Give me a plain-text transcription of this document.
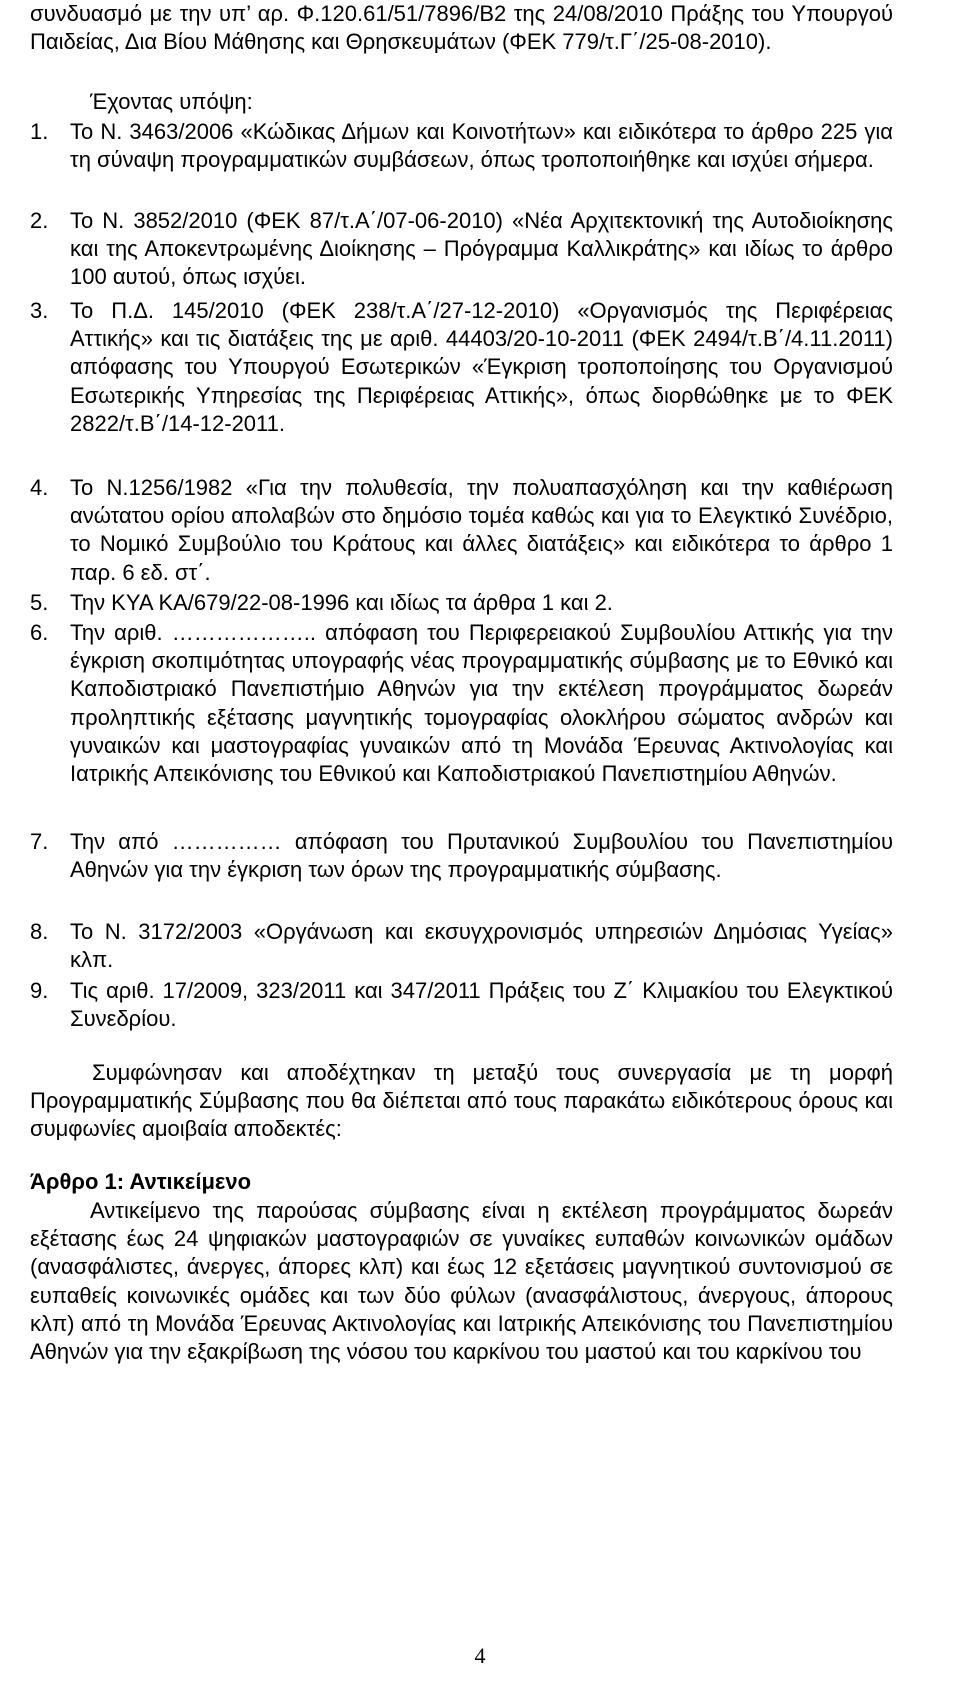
συνδυασμό με την υπ’ αρ. Φ.120.61/51/7896/Β2 της 24/08/2010 Πράξης του Υπουργού Παιδείας, Δια Βίου Μάθησης και Θρησκευμάτων (ΦΕΚ 779/τ.Γ΄/25-08-2010).

Έχοντας υπόψη:
1. Το Ν. 3463/2006 «Κώδικας Δήμων και Κοινοτήτων» και ειδικότερα το άρθρο 225 για τη σύναψη προγραμματικών συμβάσεων, όπως τροποποιήθηκε και ισχύει σήμερα.
2. Το Ν. 3852/2010 (ΦΕΚ 87/τ.Α΄/07-06-2010) «Νέα Αρχιτεκτονική της Αυτοδιοίκησης και της Αποκεντρωμένης Διοίκησης – Πρόγραμμα Καλλικράτης» και ιδίως το άρθρο 100 αυτού, όπως ισχύει.
3. Το Π.Δ. 145/2010 (ΦΕΚ 238/τ.Α΄/27-12-2010) «Οργανισμός της Περιφέρειας Αττικής» και τις διατάξεις της με αριθ. 44403/20-10-2011 (ΦΕΚ 2494/τ.Β΄/4.11.2011) απόφασης του Υπουργού Εσωτερικών «Έγκριση τροποποίησης του Οργανισμού Εσωτερικής Υπηρεσίας της Περιφέρειας Αττικής», όπως διορθώθηκε με το ΦΕΚ 2822/τ.Β΄/14-12-2011.
4. Το Ν.1256/1982 «Για την πολυθεσία, την πολυαπασχόληση και την καθιέρωση ανώτατου ορίου απολαβών στο δημόσιο τομέα καθώς και για το Ελεγκτικό Συνέδριο, το Νομικό Συμβούλιο του Κράτους και άλλες διατάξεις» και ειδικότερα το άρθρο 1 παρ. 6 εδ. στ΄.
5. Την ΚΥΑ ΚΑ/679/22-08-1996 και ιδίως τα άρθρα 1 και 2.
6. Την αριθ. ……………….. απόφαση του Περιφερειακού Συμβουλίου Αττικής για την έγκριση σκοπιμότητας υπογραφής νέας προγραμματικής σύμβασης με το Εθνικό και Καποδιστριακό Πανεπιστήμιο Αθηνών για την εκτέλεση προγράμματος δωρεάν προληπτικής εξέτασης μαγνητικής τομογραφίας ολοκλήρου σώματος ανδρών και γυναικών και μαστογραφίας γυναικών από τη Μονάδα Έρευνας Ακτινολογίας και Ιατρικής Απεικόνισης του Εθνικού και Καποδιστριακού Πανεπιστημίου Αθηνών.
7. Την από …………… απόφαση του Πρυτανικού Συμβουλίου του Πανεπιστημίου Αθηνών για την έγκριση των όρων της προγραμματικής σύμβασης.
8. Το Ν. 3172/2003 «Οργάνωση και εκσυγχρονισμός υπηρεσιών Δημόσιας Υγείας» κλπ.
9. Τις αριθ. 17/2009, 323/2011 και 347/2011 Πράξεις του Ζ΄ Κλιμακίου του Ελεγκτικού Συνεδρίου.

Συμφώνησαν και αποδέχτηκαν τη μεταξύ τους συνεργασία με τη μορφή Προγραμματικής Σύμβασης που θα διέπεται από τους παρακάτω ειδικότερους όρους και συμφωνίες αμοιβαία αποδεκτές:

Άρθρο 1: Αντικείμενο

Αντικείμενο της παρούσας σύμβασης είναι η εκτέλεση προγράμματος δωρεάν εξέτασης έως 24 ψηφιακών μαστογραφιών σε γυναίκες ευπαθών κοινωνικών ομάδων (ανασφάλιστες, άνεργες, άπορες κλπ) και έως 12 εξετάσεις μαγνητικού συντονισμού σε ευπαθείς κοινωνικές ομάδες και των δύο φύλων (ανασφάλιστους, άνεργους, άπορους κλπ) από τη Μονάδα Έρευνας Ακτινολογίας και Ιατρικής Απεικόνισης του Πανεπιστημίου Αθηνών για την εξακρίβωση της νόσου του καρκίνου του μαστού και του καρκίνου του

4
